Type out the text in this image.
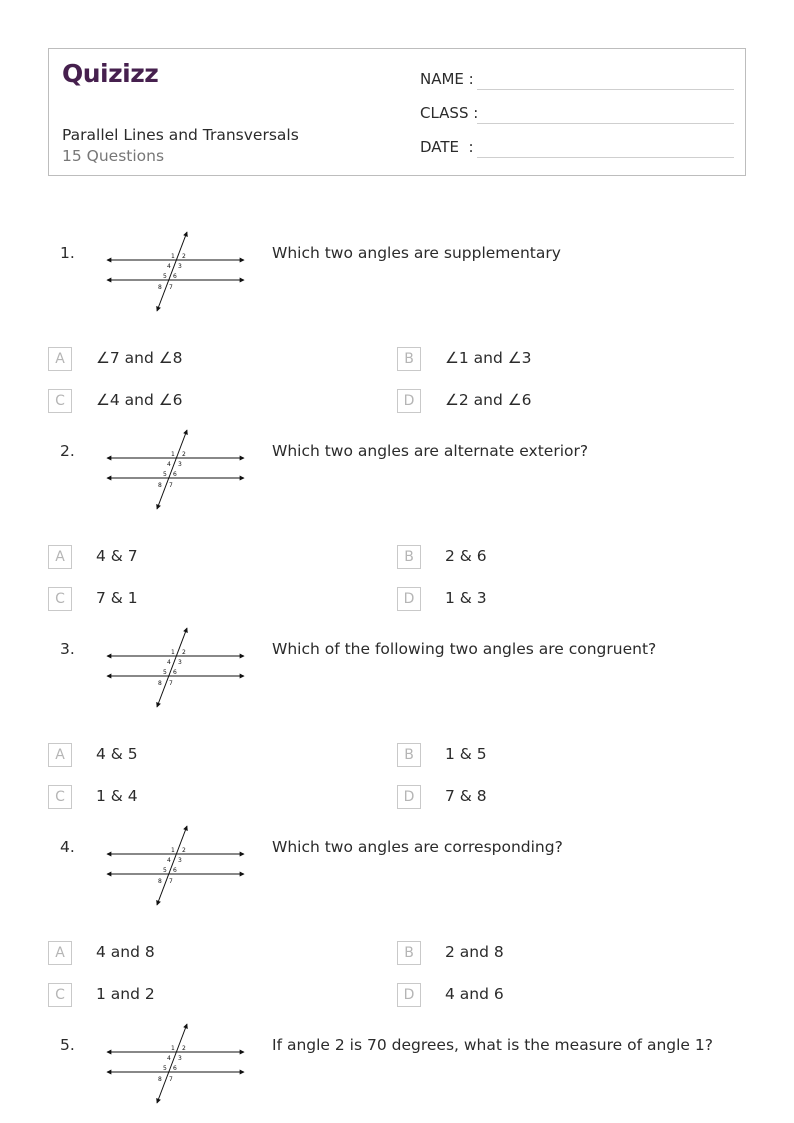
Quizizz
Parallel Lines and Transversals
15 Questions
NAME :
CLASS :
DATE  :
1.	1 2
4 3
5 6
8 7
Which two angles are supplementary
A	∠7 and ∠8	B	∠1 and ∠3
C	∠4 and ∠6	D	∠2 and ∠6
2.	1 2
4 3
5 6
8 7
Which two angles are alternate exterior?
A	4 & 7	B	2 & 6
C	7 & 1	D	1 & 3
3.	1 2
4 3
5 6
8 7
Which of the following two angles are congruent?
A	4 & 5	B	1 & 5
C	1 & 4	D	7 & 8
4.	1 2
4 3
5 6
8 7
Which two angles are corresponding?
A	4 and 8	B	2 and 8
C	1 and 2	D	4 and 6
5.	1 2
4 3
5 6
8 7
If angle 2 is 70 degrees, what is the measure of angle 1?
